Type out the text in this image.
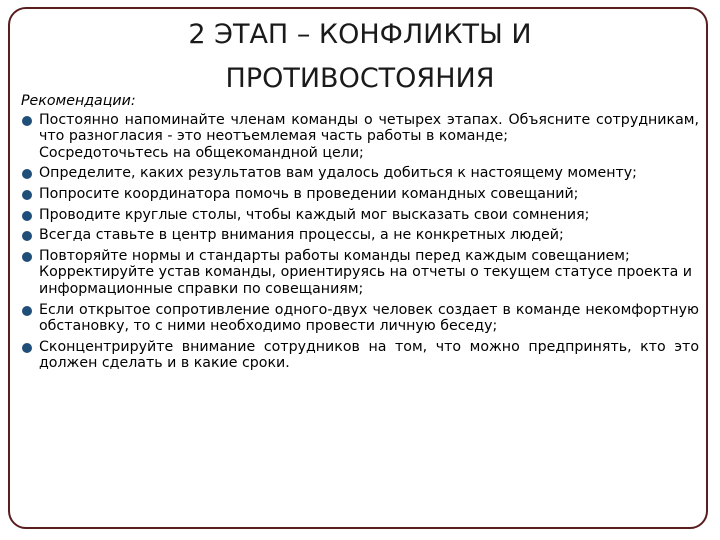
2 ЭТАП – КОНФЛИКТЫ И
ПРОТИВОСТОЯНИЯ
Рекомендации:
Постоянно напоминайте членам команды о четырех этапах. Объясните сотрудникам, что разногласия - это неотъемлемая часть работы в команде;
Сосредоточьтесь на общекомандной цели;
Определите, каких результатов вам удалось добиться к настоящему моменту;
Попросите координатора помочь в проведении командных совещаний;
Проводите круглые столы, чтобы каждый мог высказать свои сомнения;
Всегда ставьте в центр внимания процессы, а не конкретных людей;
Повторяйте нормы и стандарты работы команды перед каждым совещанием;
Корректируйте устав команды, ориентируясь на отчеты о текущем статусе проекта и информационные справки по совещаниям;
Если открытое сопротивление одного-двух человек создает в команде некомфортную обстановку, то с ними необходимо провести личную беседу;
Сконцентрируйте внимание сотрудников на том, что можно предпринять, кто это должен сделать и в какие сроки.
